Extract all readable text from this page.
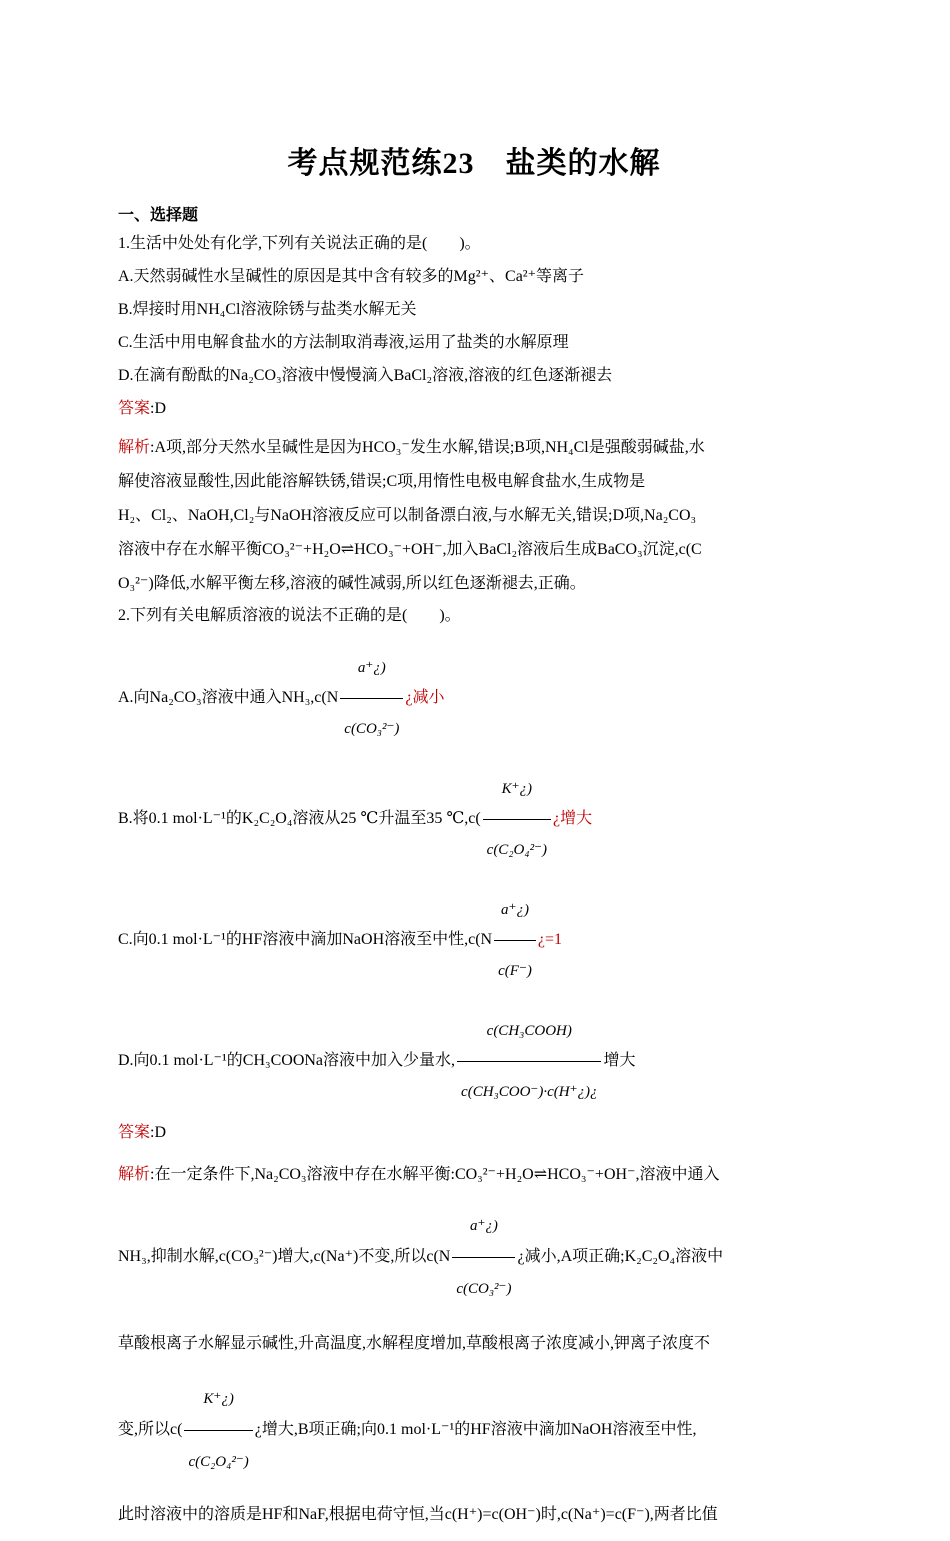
考点规范练23　盐类的水解
一、选择题
1.生活中处处有化学,下列有关说法正确的是(　　)。
A.天然弱碱性水呈碱性的原因是其中含有较多的Mg²⁺、Ca²⁺等离子
B.焊接时用NH₄Cl溶液除锈与盐类水解无关
C.生活中用电解食盐水的方法制取消毒液,运用了盐类的水解原理
D.在滴有酚酞的Na₂CO₃溶液中慢慢滴入BaCl₂溶液,溶液的红色逐渐褪去
答案:D
解析:A项,部分天然水呈碱性是因为HCO₃⁻发生水解,错误;B项,NH₄Cl是强酸弱碱盐,水
解使溶液显酸性,因此能溶解铁锈,错误;C项,用惰性电极电解食盐水,生成物是
H₂、Cl₂、NaOH,Cl₂与NaOH溶液反应可以制备漂白液,与水解无关,错误;D项,Na₂CO₃
溶液中存在水解平衡CO₃²⁻+H₂O⇌HCO₃⁻+OH⁻,加入BaCl₂溶液后生成BaCO₃沉淀,c(C
O₃²⁻)降低,水解平衡左移,溶液的碱性减弱,所以红色逐渐褪去,正确。
2.下列有关电解质溶液的说法不正确的是(　　)。
A.向Na₂CO₃溶液中通入$NH_3,c(N \frac{a^+¿)}{\text{c(CO₃²⁻)}}$ ¿减小
B.将0.1 mol·L⁻¹的K₂C₂O₄溶液从25 ℃升温至35 ℃,c( $\frac{K^+¿)}{\text{c(C₂O₄²⁻)}}$ ¿增大
C.向0.1 mol·L⁻¹的HF溶液中滴加NaOH溶液至中性$,c(N \frac{a^+¿)}{c(F^-)}$ ¿=1
D.向0.1 mol·L⁻¹的CH₃COONa溶液中加入少量水, $\frac{\text{c(CH₃COOH)}}{\text{c(CH₃COO⁻)·c(H⁺¿)¿}}$ 增大
答案:D
解析:在一定条件下,Na₂CO₃溶液中存在水解平衡:CO₃²⁻+H₂O⇌HCO₃⁻+OH⁻,溶液中通入
NH₃,抑制水解,c(CO₃²⁻)增大,c(Na⁺)不变,所以$c(N \frac{a^+¿)}{\text{c(CO₃²⁻)}}$ ¿减小,A项正确;K₂C₂O₄溶液中
草酸根离子水解显示碱性,升高温度,水解程度增加,草酸根离子浓度减小,钾离子浓度不
变,所以$c( \frac{K^+¿)}{\text{c(C₂O₄²⁻)}}$ ¿增大,B项正确;向0.1 mol·L⁻¹的HF溶液中滴加NaOH溶液至中性,
此时溶液中的溶质是HF和NaF,根据电荷守恒,当c(H⁺)=c(OH⁻)时,c(Na⁺)=c(F⁻),两者比值
